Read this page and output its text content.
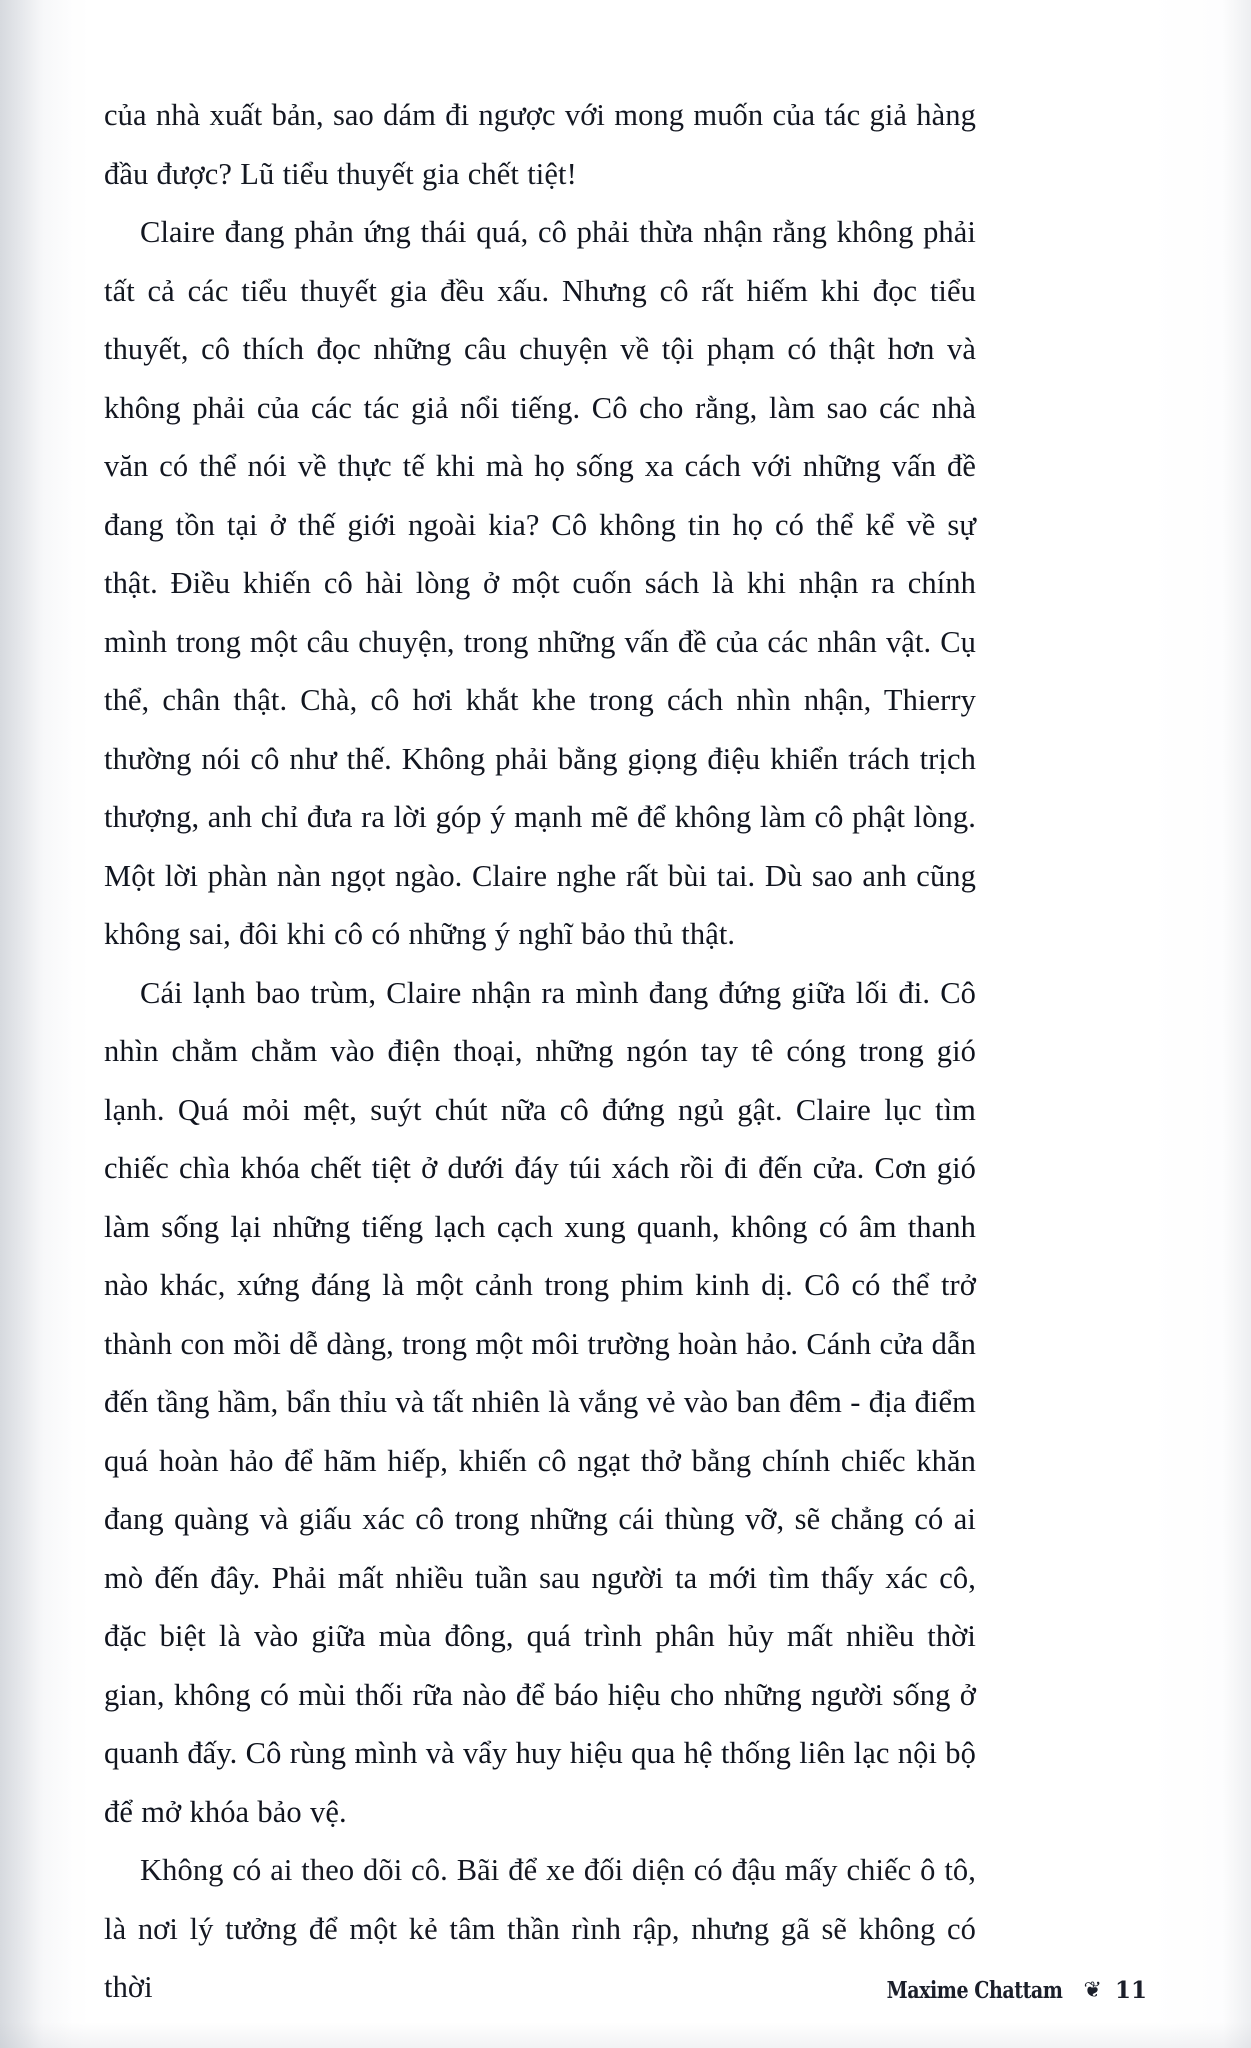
của nhà xuất bản, sao dám đi ngược với mong muốn của tác giả hàng đầu được? Lũ tiểu thuyết gia chết tiệt!

Claire đang phản ứng thái quá, cô phải thừa nhận rằng không phải tất cả các tiểu thuyết gia đều xấu. Nhưng cô rất hiếm khi đọc tiểu thuyết, cô thích đọc những câu chuyện về tội phạm có thật hơn và không phải của các tác giả nổi tiếng. Cô cho rằng, làm sao các nhà văn có thể nói về thực tế khi mà họ sống xa cách với những vấn đề đang tồn tại ở thế giới ngoài kia? Cô không tin họ có thể kể về sự thật. Điều khiến cô hài lòng ở một cuốn sách là khi nhận ra chính mình trong một câu chuyện, trong những vấn đề của các nhân vật. Cụ thể, chân thật. Chà, cô hơi khắt khe trong cách nhìn nhận, Thierry thường nói cô như thế. Không phải bằng giọng điệu khiển trách trịch thượng, anh chỉ đưa ra lời góp ý mạnh mẽ để không làm cô phật lòng. Một lời phàn nàn ngọt ngào. Claire nghe rất bùi tai. Dù sao anh cũng không sai, đôi khi cô có những ý nghĩ bảo thủ thật.

Cái lạnh bao trùm, Claire nhận ra mình đang đứng giữa lối đi. Cô nhìn chằm chằm vào điện thoại, những ngón tay tê cóng trong gió lạnh. Quá mỏi mệt, suýt chút nữa cô đứng ngủ gật. Claire lục tìm chiếc chìa khóa chết tiệt ở dưới đáy túi xách rồi đi đến cửa. Cơn gió làm sống lại những tiếng lạch cạch xung quanh, không có âm thanh nào khác, xứng đáng là một cảnh trong phim kinh dị. Cô có thể trở thành con mồi dễ dàng, trong một môi trường hoàn hảo. Cánh cửa dẫn đến tầng hầm, bẩn thỉu và tất nhiên là vắng vẻ vào ban đêm - địa điểm quá hoàn hảo để hãm hiếp, khiến cô ngạt thở bằng chính chiếc khăn đang quàng và giấu xác cô trong những cái thùng vỡ, sẽ chẳng có ai mò đến đây. Phải mất nhiều tuần sau người ta mới tìm thấy xác cô, đặc biệt là vào giữa mùa đông, quá trình phân hủy mất nhiều thời gian, không có mùi thối rữa nào để báo hiệu cho những người sống ở quanh đấy. Cô rùng mình và vẩy huy hiệu qua hệ thống liên lạc nội bộ để mở khóa bảo vệ.

Không có ai theo dõi cô. Bãi để xe đối diện có đậu mấy chiếc ô tô, là nơi lý tưởng để một kẻ tâm thần rình rập, nhưng gã sẽ không có thời	Maxime Chattam ❦ 11
